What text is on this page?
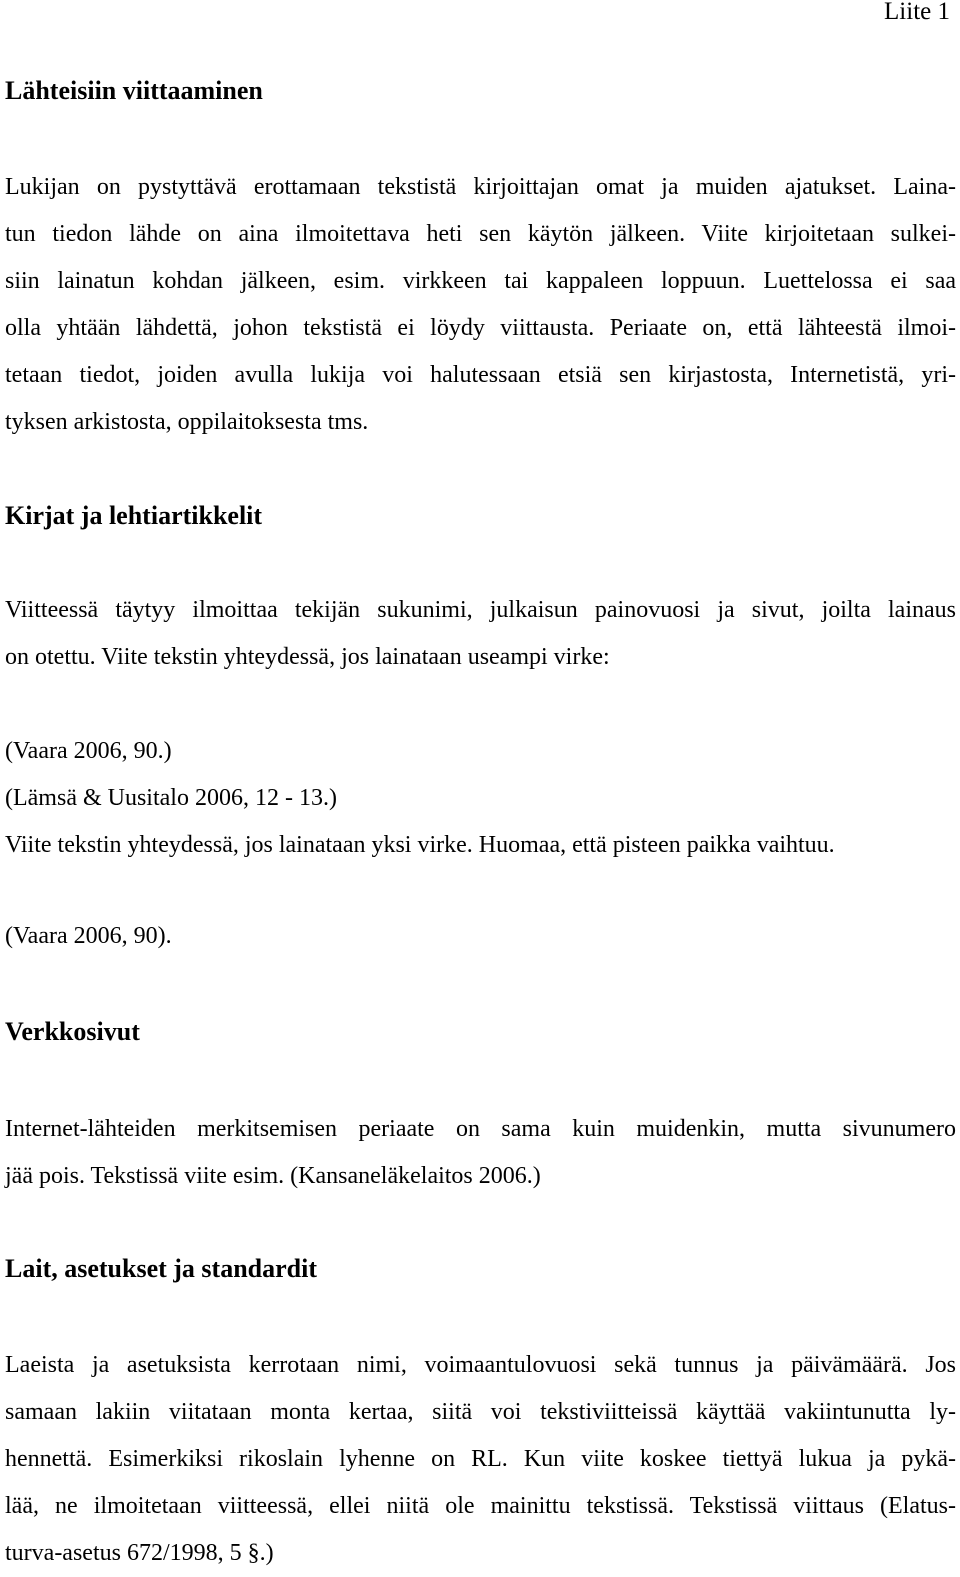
Liite 1
Lähteisiin viittaaminen
Lukijan on pystyttävä erottamaan tekstistä kirjoittajan omat ja muiden ajatukset. Laina-
tun tiedon lähde on aina ilmoitettava heti sen käytön jälkeen. Viite kirjoitetaan sulkei-
siin lainatun kohdan jälkeen, esim. virkkeen tai kappaleen loppuun. Luettelossa ei saa
olla yhtään lähdettä, johon tekstistä ei löydy viittausta. Periaate on, että lähteestä ilmoi-
tetaan tiedot, joiden avulla lukija voi halutessaan etsiä sen kirjastosta, Internetistä, yri-
tyksen arkistosta, oppilaitoksesta tms.
Kirjat ja lehtiartikkelit
Viitteessä täytyy ilmoittaa tekijän sukunimi, julkaisun painovuosi ja sivut, joilta lainaus
on otettu. Viite tekstin yhteydessä, jos lainataan useampi virke:
(Vaara 2006, 90.)
(Lämsä & Uusitalo 2006, 12 - 13.)
Viite tekstin yhteydessä, jos lainataan yksi virke. Huomaa, että pisteen paikka vaihtuu.
(Vaara 2006, 90).
Verkkosivut
Internet-lähteiden merkitsemisen periaate on sama kuin muidenkin, mutta sivunumero
jää pois. Tekstissä viite esim. (Kansaneläkelaitos 2006.)
Lait, asetukset ja standardit
Laeista ja asetuksista kerrotaan nimi, voimaantulovuosi sekä tunnus ja päivämäärä. Jos
samaan lakiin viitataan monta kertaa, siitä voi tekstiviitteissä käyttää vakiintunutta ly-
hennettä. Esimerkiksi rikoslain lyhenne on RL. Kun viite koskee tiettyä lukua ja pykä-
lää, ne ilmoitetaan viitteessä, ellei niitä ole mainittu tekstissä. Tekstissä viittaus (Elatus-
turva-asetus 672/1998, 5 §.)
